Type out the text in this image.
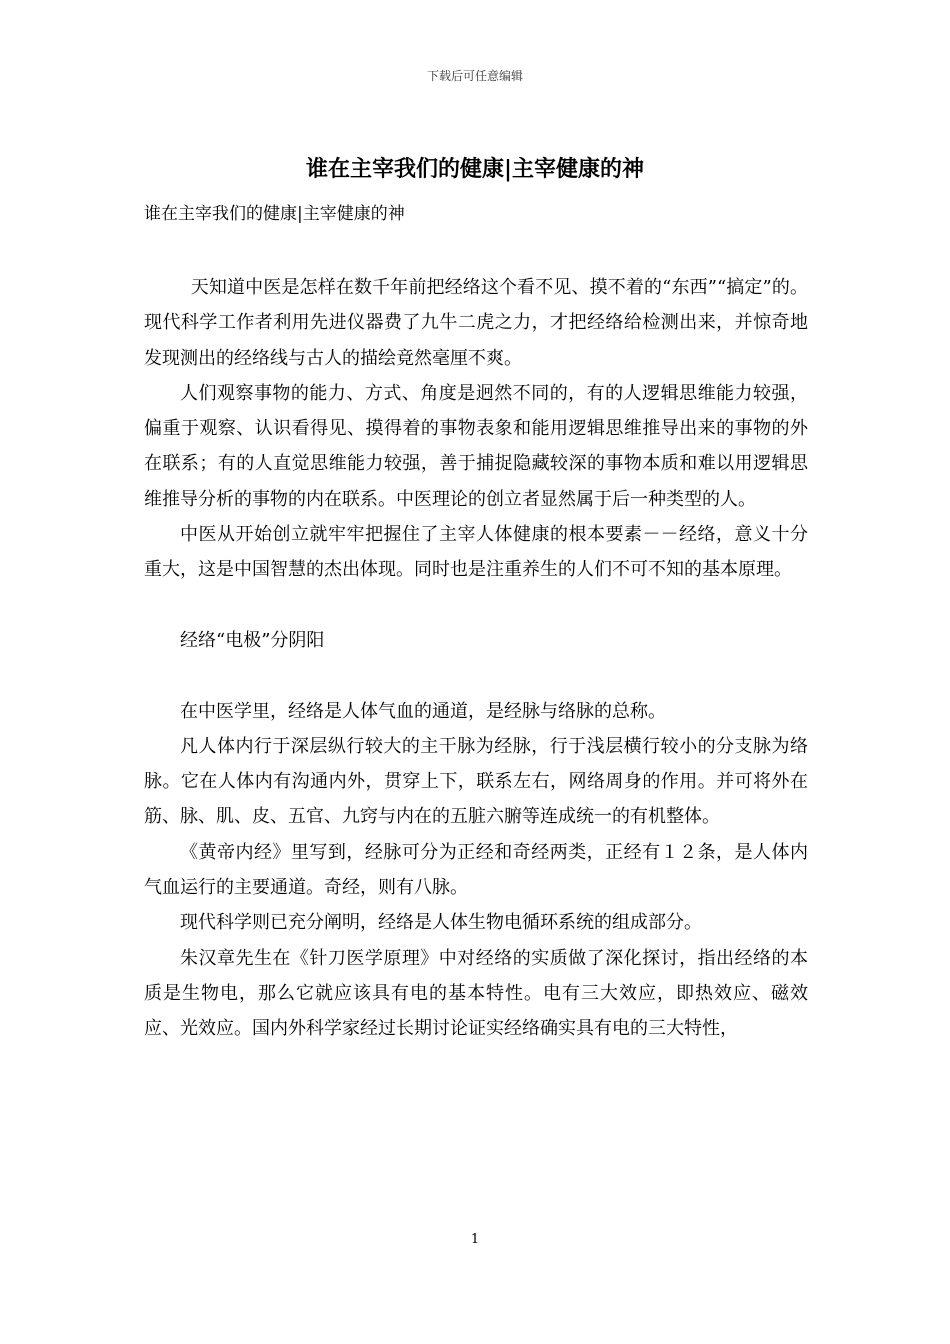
下载后可任意编辑
谁在主宰我们的健康|主宰健康的神
谁在主宰我们的健康|主宰健康的神

天知道中医是怎样在数千年前把经络这个看不见、摸不着的“东西”“搞定”的。现代科学工作者利用先进仪器费了九牛二虎之力，才把经络给检测出来，并惊奇地发现测出的经络线与古人的描绘竟然毫厘不爽。

人们观察事物的能力、方式、角度是迥然不同的，有的人逻辑思维能力较强，偏重于观察、认识看得见、摸得着的事物表象和能用逻辑思维推导出来的事物的外在联系；有的人直觉思维能力较强，善于捕捉隐藏较深的事物本质和难以用逻辑思维推导分析的事物的内在联系。中医理论的创立者显然属于后一种类型的人。

中医从开始创立就牢牢把握住了主宰人体健康的根本要素－－经络，意义十分重大，这是中国智慧的杰出体现。同时也是注重养生的人们不可不知的基本原理。

经络“电极”分阴阳

在中医学里，经络是人体气血的通道，是经脉与络脉的总称。

凡人体内行于深层纵行较大的主干脉为经脉，行于浅层横行较小的分支脉为络脉。它在人体内有沟通内外，贯穿上下，联系左右，网络周身的作用。并可将外在筋、脉、肌、皮、五官、九窍与内在的五脏六腑等连成统一的有机整体。

《黄帝内经》里写到，经脉可分为正经和奇经两类，正经有１２条，是人体内气血运行的主要通道。奇经，则有八脉。

现代科学则已充分阐明，经络是人体生物电循环系统的组成部分。

朱汉章先生在《针刀医学原理》中对经络的实质做了深化探讨，指出经络的本质是生物电，那么它就应该具有电的基本特性。电有三大效应，即热效应、磁效应、光效应。国内外科学家经过长期讨论证实经络确实具有电的三大特性，

1
